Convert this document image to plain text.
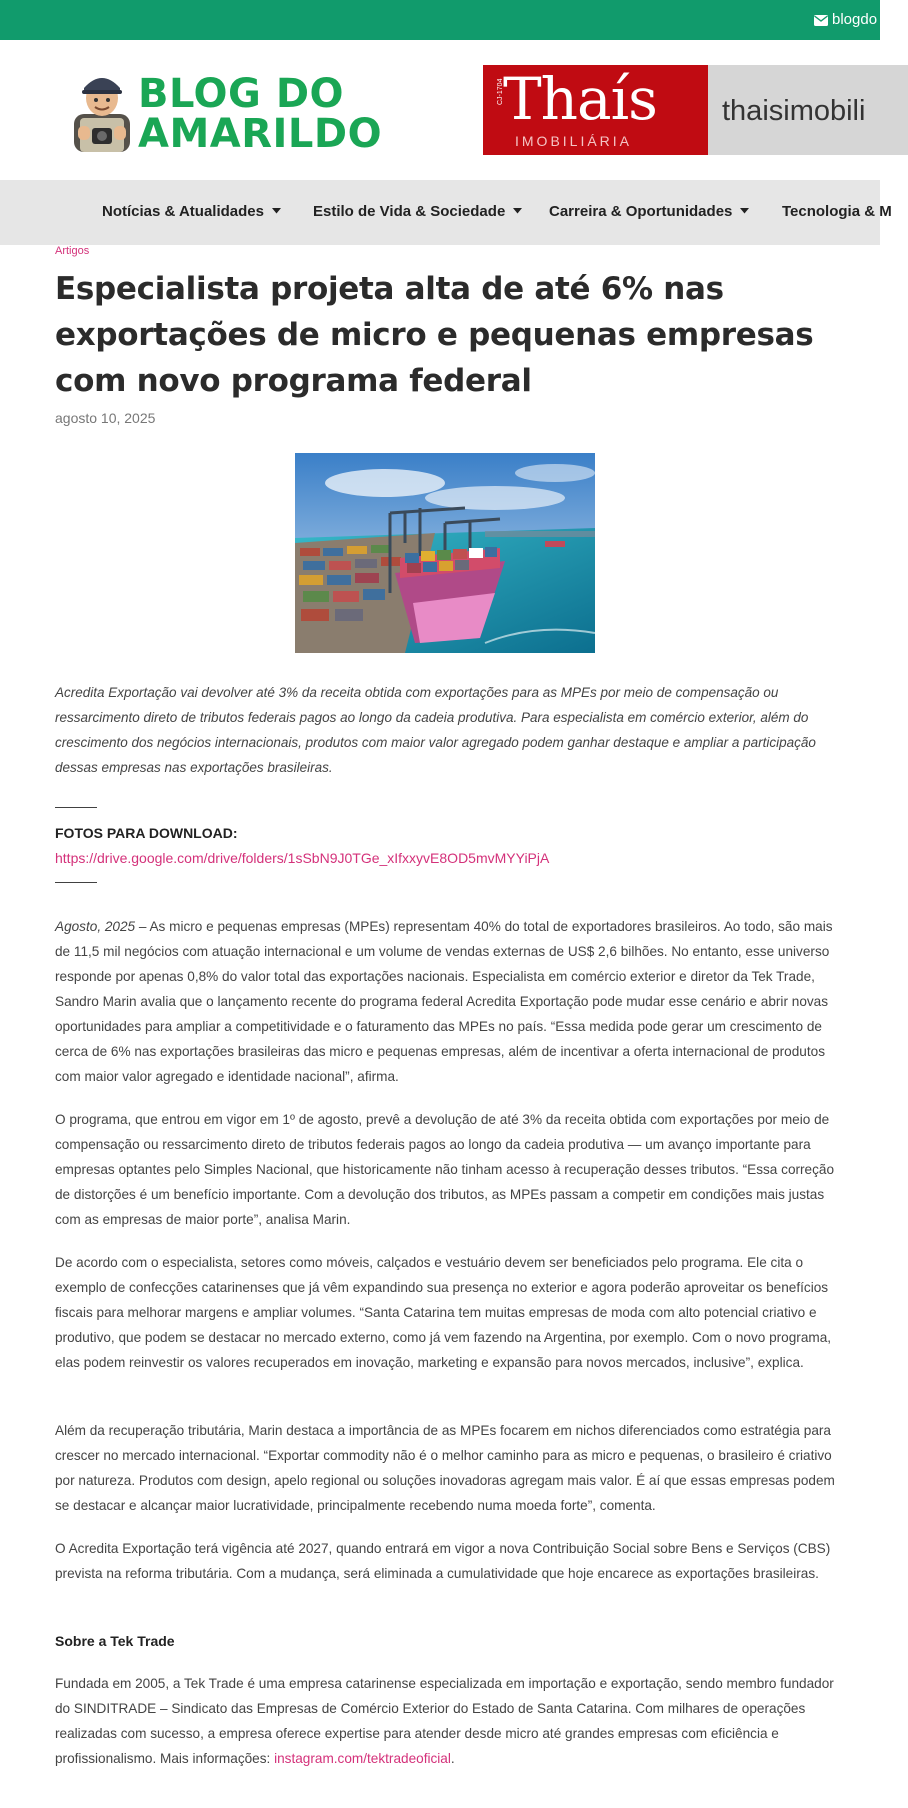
blogdo
BLOG DO
AMARILDO
CJ-1704 Thaís
IMOBILIÁRIA
thaisimobili
Notícias & Atualidades	Estilo de Vida & Sociedade	Carreira & Oportunidades	Tecnologia & M
Artigos
Especialista projeta alta de até 6% nas exportações de micro e pequenas empresas com novo programa federal
agosto 10, 2025

Acredita Exportação vai devolver até 3% da receita obtida com exportações para as MPEs por meio de compensação ou ressarcimento direto de tributos federais pagos ao longo da cadeia produtiva. Para especialista em comércio exterior, além do crescimento dos negócios internacionais, produtos com maior valor agregado podem ganhar destaque e ampliar a participação dessas empresas nas exportações brasileiras.

———
FOTOS PARA DOWNLOAD:
https://drive.google.com/drive/folders/1sSbN9J0TGe_xIfxxyvE8OD5mvMYYiPjA
———

Agosto, 2025 – As micro e pequenas empresas (MPEs) representam 40% do total de exportadores brasileiros. Ao todo, são mais de 11,5 mil negócios com atuação internacional e um volume de vendas externas de US$ 2,6 bilhões. No entanto, esse universo responde por apenas 0,8% do valor total das exportações nacionais. Especialista em comércio exterior e diretor da Tek Trade, Sandro Marin avalia que o lançamento recente do programa federal Acredita Exportação pode mudar esse cenário e abrir novas oportunidades para ampliar a competitividade e o faturamento das MPEs no país. “Essa medida pode gerar um crescimento de cerca de 6% nas exportações brasileiras das micro e pequenas empresas, além de incentivar a oferta internacional de produtos com maior valor agregado e identidade nacional”, afirma.

O programa, que entrou em vigor em 1º de agosto, prevê a devolução de até 3% da receita obtida com exportações por meio de compensação ou ressarcimento direto de tributos federais pagos ao longo da cadeia produtiva — um avanço importante para empresas optantes pelo Simples Nacional, que historicamente não tinham acesso à recuperação desses tributos. “Essa correção de distorções é um benefício importante. Com a devolução dos tributos, as MPEs passam a competir em condições mais justas com as empresas de maior porte”, analisa Marin.

De acordo com o especialista, setores como móveis, calçados e vestuário devem ser beneficiados pelo programa. Ele cita o exemplo de confecções catarinenses que já vêm expandindo sua presença no exterior e agora poderão aproveitar os benefícios fiscais para melhorar margens e ampliar volumes. “Santa Catarina tem muitas empresas de moda com alto potencial criativo e produtivo, que podem se destacar no mercado externo, como já vem fazendo na Argentina, por exemplo. Com o novo programa, elas podem reinvestir os valores recuperados em inovação, marketing e expansão para novos mercados, inclusive”, explica.

Além da recuperação tributária, Marin destaca a importância de as MPEs focarem em nichos diferenciados como estratégia para crescer no mercado internacional. “Exportar commodity não é o melhor caminho para as micro e pequenas, o brasileiro é criativo por natureza. Produtos com design, apelo regional ou soluções inovadoras agregam mais valor. É aí que essas empresas podem se destacar e alcançar maior lucratividade, principalmente recebendo numa moeda forte”, comenta.

O Acredita Exportação terá vigência até 2027, quando entrará em vigor a nova Contribuição Social sobre Bens e Serviços (CBS) prevista na reforma tributária. Com a mudança, será eliminada a cumulatividade que hoje encarece as exportações brasileiras.

Sobre a Tek Trade

Fundada em 2005, a Tek Trade é uma empresa catarinense especializada em importação e exportação, sendo membro fundador do SINDITRADE – Sindicato das Empresas de Comércio Exterior do Estado de Santa Catarina. Com milhares de operações realizadas com sucesso, a empresa oferece expertise para atender desde micro até grandes empresas com eficiência e profissionalismo. Mais informações: instagram.com/tektradeoficial.
